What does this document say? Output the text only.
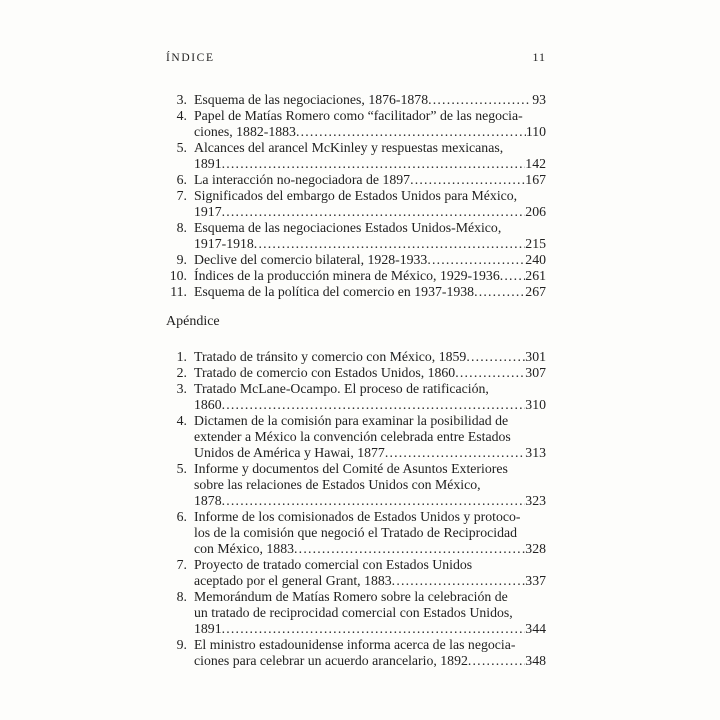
ÍNDICE	11
3. Esquema de las negociaciones, 1876-1878 .....	93
4. Papel de Matías Romero como “facilitador” de las negocia-
ciones, 1882-1883 .....	110
5. Alcances del arancel McKinley y respuestas mexicanas,
1891 .....	142
6. La interacción no-negociadora de 1897 .....	167
7. Significados del embargo de Estados Unidos para México,
1917 .....	206
8. Esquema de las negociaciones Estados Unidos-México,
1917-1918 .....	215
9. Declive del comercio bilateral, 1928-1933 .....	240
10. Índices de la producción minera de México, 1929-1936 ..... 261
11. Esquema de la política del comercio en 1937-1938 .....	267
Apéndice
1. Tratado de tránsito y comercio con México, 1859 .....	301
2. Tratado de comercio con Estados Unidos, 1860 .....	307
3. Tratado McLane-Ocampo. El proceso de ratificación,
1860 .....	310
4. Dictamen de la comisión para examinar la posibilidad de
extender a México la convención celebrada entre Estados
Unidos de América y Hawai, 1877 .....	313
5. Informe y documentos del Comité de Asuntos Exteriores
sobre las relaciones de Estados Unidos con México,
1878 .....	323
6. Informe de los comisionados de Estados Unidos y protoco-
los de la comisión que negoció el Tratado de Reciprocidad
con México, 1883 .....	328
7. Proyecto de tratado comercial con Estados Unidos
aceptado por el general Grant, 1883 .....	337
8. Memorándum de Matías Romero sobre la celebración de
un tratado de reciprocidad comercial con Estados Unidos,
1891 .....	344
9. El ministro estadounidense informa acerca de las negocia-
ciones para celebrar un acuerdo arancelario, 1892 .....	348
